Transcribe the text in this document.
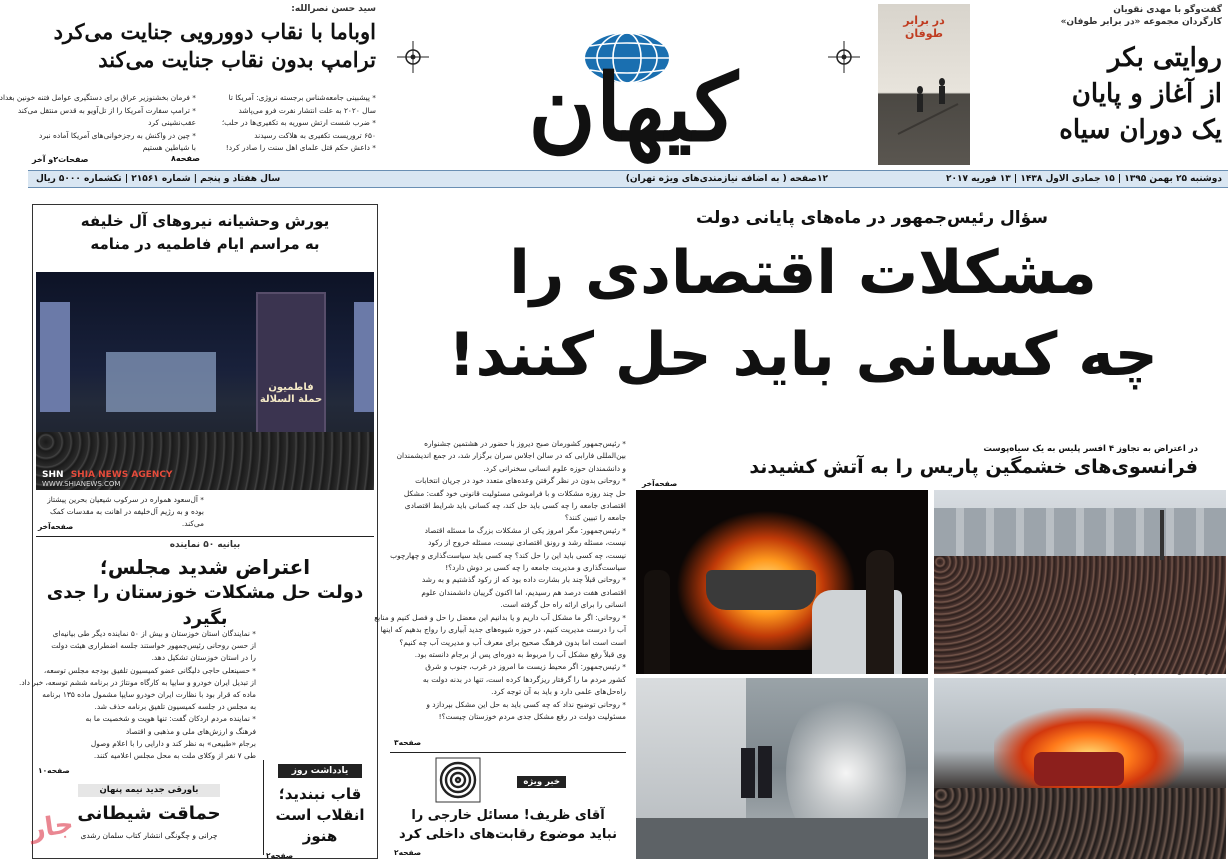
گفت‌وگو با مهدی نقویان
کارگردان مجموعه «در برابر طوفان»
روایتی بکر
از آغاز و پایان
یک دوران سیاه
صفحه۸
در برابر طوفان
کیهان
سید حسن نصرالله:
اوباما با نقاب دوورویی جنایت می‌کرد
ترامپ بدون نقاب جنایت می‌کند
* پیشبینی جامعه‌شناس برجسته نروژی: آمریکا تا
سال ۲۰۲۰ به علت انتشار نفرت فرو می‌پاشد
* ضرب شست ارتش سوریه به تکفیری‌ها در حلب؛
۶۵۰ تروریست تکفیری به هلاکت رسیدند
* داعش حکم قتل علمای اهل سنت را صادر کرد!
* فرمان بخشنوزیر عراق برای دستگیری عوامل فتنه خونین بغداد
* ترامپ سفارت آمریکا را از تل‌آویو به قدس منتقل می‌کند
عقب‌نشینی کرد
* چین در واکنش به رجزخوانی‌های آمریکا آماده نبرد
با شیاطین هستیم
صفحات۲و آخر
دوشنبه ۲۵ بهمن ۱۳۹۵ | ۱۵ جمادی الاول ۱۴۳۸ | ۱۳ فوریه ۲۰۱۷
۱۲صفحه ( به اضافه نیازمندی‌های ویژه تهران)
سال هفتاد و پنجم | شماره ۲۱۵۶۱ | تکشماره ۵۰۰۰ ریال
یورش وحشیانه نیروهای آل خلیفه
به مراسم ایام فاطمیه در منامه
فاطمیون
حملة السلالة
SHN SHIA NEWS AGENCY
WWW.SHIANEWS.COM
* آل‌سعود همواره در سرکوب شیعیان بحرین پیشتاز
بوده و به رژیم آل‌خلیفه در اهانت به مقدسات کمک
می‌کند.
صفحه‌آخر
بیانیه ۵۰ نماینده
اعتراض شدید مجلس؛
دولت حل مشکلات خوزستان را جدی بگیرد
* نمایندگان استان خوزستان و بیش از ۵۰ نماینده دیگر طی بیانیه‌ای
از حسن روحانی رئیس‌جمهور خواستند جلسه اضطراری هیئت دولت
را در استان خوزستان تشکیل دهد.
* حسینعلی حاجی دلیگانی عضو کمیسیون تلفیق بودجه مجلس توسعه،
از تبدیل ایران خودرو و سایپا به کارگاه مونتاژ در برنامه ششم توسعه، خبر داد.
ماده که قرار بود با نظارت ایران خودرو سایپا مشمول ماده ۱۳۵ برنامه
به مجلس در جلسه کمیسیون تلفیق برنامه حذف شد.
* نماینده مردم اردکان گفت: تنها هویت و شخصیت ما به
فرهنگ و ارزش‌های ملی و مذهبی و اقتصاد
برجام «طبیعی» به نظر کند و دارایی را با اعلام وصول
طی ۷ نفر از وکلای ملت به محل مجلس اعلامیه کنند.
صفحه۱۰	یادداشت روز
قاب نبندید؛
انقلاب است هنوز
صفحه۲
باورقی جدید نیمه پنهان
حماقت شیطانی
چرانی و چگونگی انتشار کتاب سلمان رشدی
جار
سؤال رئیس‌جمهور در ماه‌های پایانی دولت
مشکلات اقتصادی را
چه کسانی باید حل کنند!
* رئیس‌جمهور کشورمان صبح دیروز با حضور در هشتمین جشنواره
بین‌المللی فارابی که در سالن اجلاس سران برگزار شد، در جمع اندیشمندان
و دانشمندان حوزه علوم انسانی سخنرانی کرد.
* روحانی بدون در نظر گرفتن وعده‌های متعدد خود در جریان انتخابات
حل چند روزه مشکلات و با فراموشی مسئولیت قانونی خود گفت: مشکل
اقتصادی جامعه را چه کسی باید حل کند، چه کسانی باید شرایط اقتصادی
جامعه را تبیین کنند؟
* رئیس‌جمهور: مگر امروز یکی از مشکلات بزرگ ما مسئله اقتصاد
نیست، مسئله رشد و رونق اقتصادی نیست، مسئله خروج از رکود
نیست، چه کسی باید این را حل کند؟ چه کسی باید سیاست‌گذاری و چهارچوب
سیاست‌گذاری و مدیریت جامعه را چه کسی بر دوش دارد؟!
* روحانی قبلاً چند بار بشارت داده بود که از رکود گذشتیم و به رشد
اقتصادی هفت درصد هم رسیدیم، اما اکنون گریبان دانشمندان علوم
انسانی را برای ارائه راه حل گرفته است.
* روحانی: اگر ما مشکل آب داریم و یا بدانیم این معضل را حل و فصل کنیم و منابع
آب را درست مدیریت کنیم، در حوزه شیوه‌های جدید آبیاری را رواج بدهیم که اینها
است است اما بدون فرهنگ صحیح برای معرف آب و مدیریت آب چه کنیم؟
وی قبلاً رفع مشکل آب را مربوط به دوره‌ای پس از برجام دانسته بود.
* رئیس‌جمهور: اگر محیط زیست ما امروز در غرب، جنوب و شرق
کشور مردم ما را گرفتار ریزگردها کرده است، تنها در بدنه دولت به
راه‌حل‌های علمی دارد و باید به آن توجه کرد.
* روحانی توضیح نداد که چه کسی باید به حل این مشکل بپردازد و
مسئولیت دولت در رفع مشکل جدی مردم خوزستان چیست؟!
صفحه۳
خبر ویژه
آقای ظریف! مسائل خارجی را
نباید موضوع رقابت‌های داخلی کرد
صفحه۲
در اعتراض به تجاوز ۴ افسر پلیس به یک سیاه‌پوست
فرانسوی‌های خشمگین پاریس را به آتش کشیدند
صفحه‌آخر
